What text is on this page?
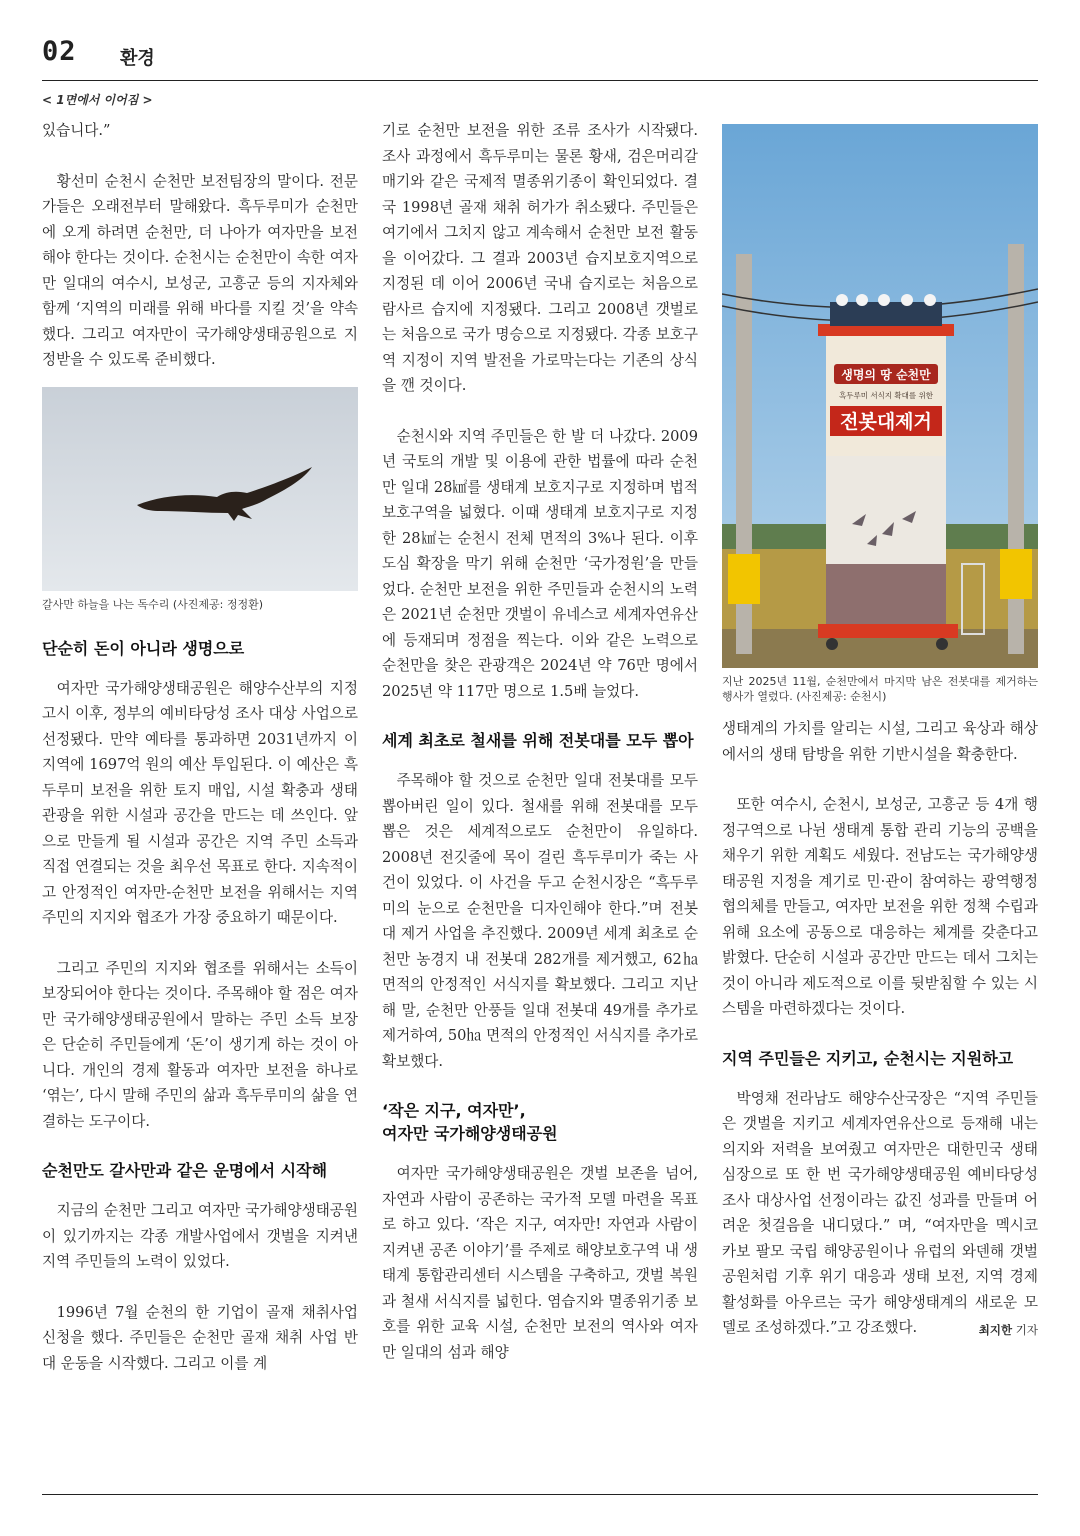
02 환경
< 1면에서 이어짐 >

있습니다.”

황선미 순천시 순천만 보전팀장의 말이다. 전문가들은 오래전부터 말해왔다. 흑두루미가 순천만에 오게 하려면 순천만, 더 나아가 여자만을 보전해야 한다는 것이다. 순천시는 순천만이 속한 여자만 일대의 여수시, 보성군, 고흥군 등의 지자체와 함께 ‘지역의 미래를 위해 바다를 지킬 것’을 약속했다. 그리고 여자만이 국가해양생태공원으로 지정받을 수 있도록 준비했다.

갈사만 하늘을 나는 독수리 (사진제공: 정정환)

단순히 돈이 아니라 생명으로

여자만 국가해양생태공원은 해양수산부의 지정 고시 이후, 정부의 예비타당성 조사 대상 사업으로 선정됐다. 만약 예타를 통과하면 2031년까지 이 지역에 1697억 원의 예산 투입된다. 이 예산은 흑두루미 보전을 위한 토지 매입, 시설 확충과 생태 관광을 위한 시설과 공간을 만드는 데 쓰인다. 앞으로 만들게 될 시설과 공간은 지역 주민 소득과 직접 연결되는 것을 최우선 목표로 한다. 지속적이고 안정적인 여자만-순천만 보전을 위해서는 지역 주민의 지지와 협조가 가장 중요하기 때문이다.

그리고 주민의 지지와 협조를 위해서는 소득이 보장되어야 한다는 것이다. 주목해야 할 점은 여자만 국가해양생태공원에서 말하는 주민 소득 보장은 단순히 주민들에게 ‘돈’이 생기게 하는 것이 아니다. 개인의 경제 활동과 여자만 보전을 하나로 ‘엮는’, 다시 말해 주민의 삶과 흑두루미의 삶을 연결하는 도구이다.

순천만도 갈사만과 같은 운명에서 시작해

지금의 순천만 그리고 여자만 국가해양생태공원이 있기까지는 각종 개발사업에서 갯벌을 지켜낸 지역 주민들의 노력이 있었다.

1996년 7월 순천의 한 기업이 골재 채취사업 신청을 했다. 주민들은 순천만 골재 채취 사업 반대 운동을 시작했다. 그리고 이를 계

기로 순천만 보전을 위한 조류 조사가 시작됐다. 조사 과정에서 흑두루미는 물론 황새, 검은머리갈매기와 같은 국제적 멸종위기종이 확인되었다. 결국 1998년 골재 채취 허가가 취소됐다. 주민들은 여기에서 그치지 않고 계속해서 순천만 보전 활동을 이어갔다. 그 결과 2003년 습지보호지역으로 지정된 데 이어 2006년 국내 습지로는 처음으로 람사르 습지에 지정됐다. 그리고 2008년 갯벌로는 처음으로 국가 명승으로 지정됐다. 각종 보호구역 지정이 지역 발전을 가로막는다는 기존의 상식을 깬 것이다.

순천시와 지역 주민들은 한 발 더 나갔다. 2009년 국토의 개발 및 이용에 관한 법률에 따라 순천만 일대 28㎢를 생태계 보호지구로 지정하며 법적 보호구역을 넓혔다. 이때 생태계 보호지구로 지정한 28㎢는 순천시 전체 면적의 3%나 된다. 이후 도심 확장을 막기 위해 순천만 ‘국가정원’을 만들었다. 순천만 보전을 위한 주민들과 순천시의 노력은 2021년 순천만 갯벌이 유네스코 세계자연유산에 등재되며 정점을 찍는다. 이와 같은 노력으로 순천만을 찾은 관광객은 2024년 약 76만 명에서 2025년 약 117만 명으로 1.5배 늘었다.

세계 최초로 철새를 위해 전봇대를 모두 뽑아

주목해야 할 것으로 순천만 일대 전봇대를 모두 뽑아버린 일이 있다. 철새를 위해 전봇대를 모두 뽑은 것은 세계적으로도 순천만이 유일하다. 2008년 전깃줄에 목이 걸린 흑두루미가 죽는 사건이 있었다. 이 사건을 두고 순천시장은 “흑두루미의 눈으로 순천만을 디자인해야 한다.”며 전봇대 제거 사업을 추진했다. 2009년 세계 최초로 순천만 농경지 내 전봇대 282개를 제거했고, 62㏊ 면적의 안정적인 서식지를 확보했다. 그리고 지난해 말, 순천만 안풍들 일대 전봇대 49개를 추가로 제거하여, 50㏊ 면적의 안정적인 서식지를 추가로 확보했다.

‘작은 지구, 여자만’,
여자만 국가해양생태공원

여자만 국가해양생태공원은 갯벌 보존을 넘어, 자연과 사람이 공존하는 국가적 모델 마련을 목표로 하고 있다. ‘작은 지구, 여자만! 자연과 사람이 지켜낸 공존 이야기’를 주제로 해양보호구역 내 생태계 통합관리센터 시스템을 구축하고, 갯벌 복원과 철새 서식지를 넓힌다. 염습지와 멸종위기종 보호를 위한 교육 시설, 순천만 보전의 역사와 여자만 일대의 섬과 해양

생명의 땅 순천만
흑두루미 서식지 확대를 위한
전봇대제거

지난 2025년 11월, 순천만에서 마지막 남은 전봇대를 제거하는 행사가 열렸다. (사진제공: 순천시)

생태계의 가치를 알리는 시설, 그리고 육상과 해상에서의 생태 탐방을 위한 기반시설을 확충한다.

또한 여수시, 순천시, 보성군, 고흥군 등 4개 행정구역으로 나뉜 생태계 통합 관리 기능의 공백을 채우기 위한 계획도 세웠다. 전남도는 국가해양생태공원 지정을 계기로 민·관이 참여하는 광역행정협의체를 만들고, 여자만 보전을 위한 정책 수립과 위해 요소에 공동으로 대응하는 체계를 갖춘다고 밝혔다. 단순히 시설과 공간만 만드는 데서 그치는 것이 아니라 제도적으로 이를 뒷받침할 수 있는 시스템을 마련하겠다는 것이다.

지역 주민들은 지키고, 순천시는 지원하고

박영채 전라남도 해양수산국장은 “지역 주민들은 갯벌을 지키고 세계자연유산으로 등재해 내는 의지와 저력을 보여줬고 여자만은 대한민국 생태 심장으로 또 한 번 국가해양생태공원 예비타당성 조사 대상사업 선정이라는 값진 성과를 만들며 어려운 첫걸음을 내디뎠다.” 며, “여자만을 멕시코 카보 팔모 국립 해양공원이나 유럽의 와덴해 갯벌공원처럼 기후 위기 대응과 생태 보전, 지역 경제 활성화를 아우르는 국가 해양생태계의 새로운 모델로 조성하겠다.”고 강조했다.	최지한 기자
